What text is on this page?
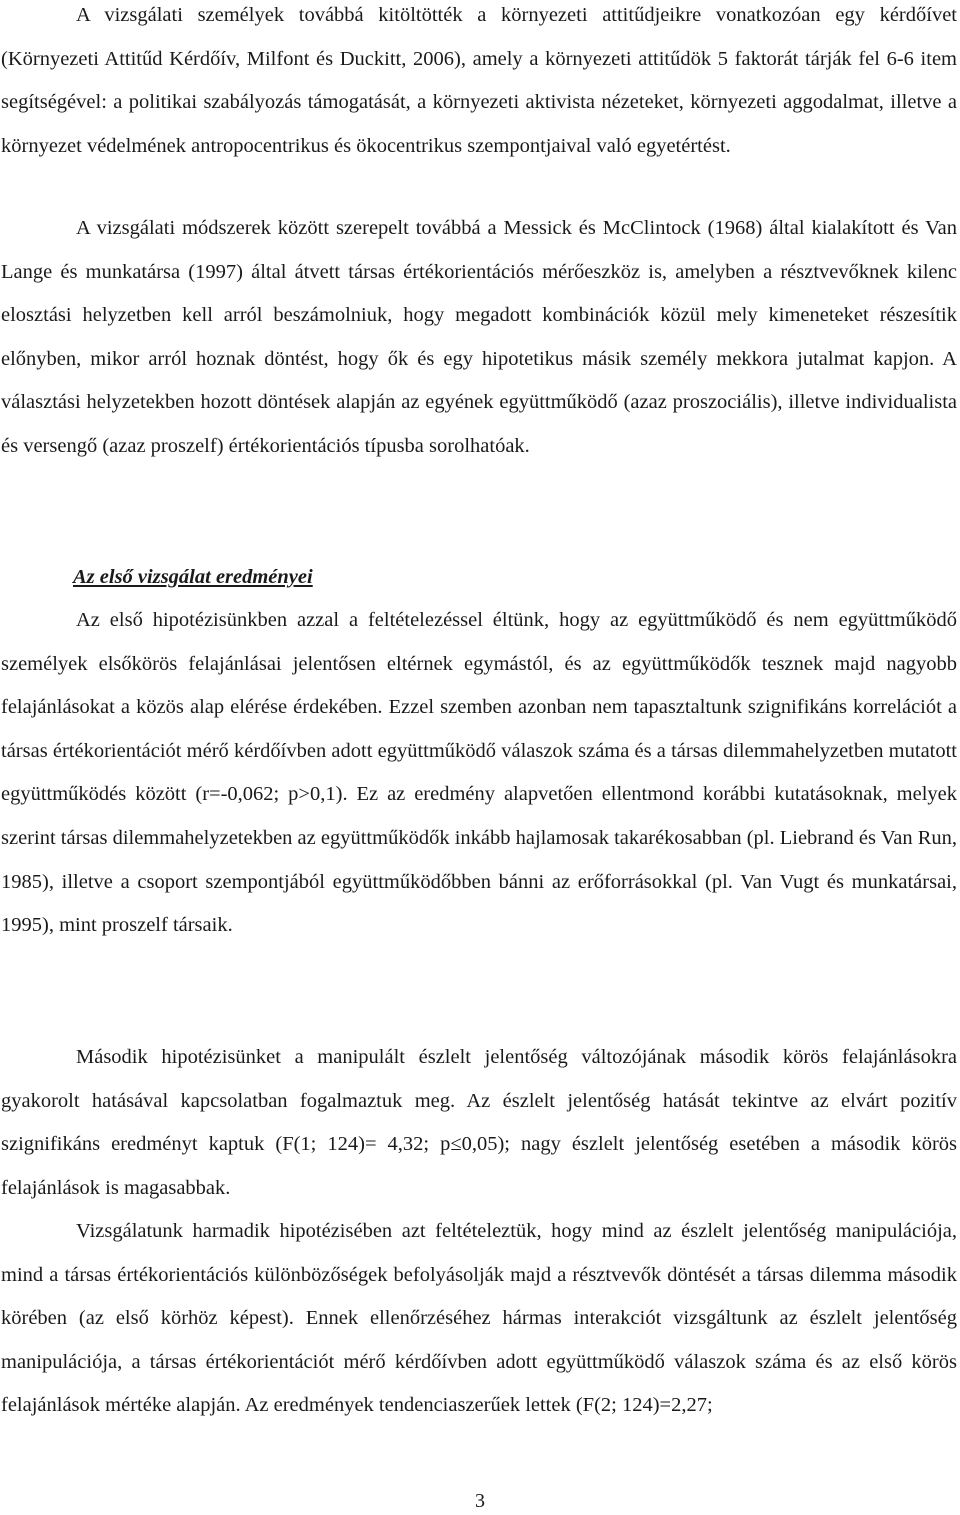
A vizsgálati személyek továbbá kitöltötték a környezeti attitűdjeikre vonatkozóan egy kérdőívet (Környezeti Attitűd Kérdőív, Milfont és Duckitt, 2006), amely a környezeti attitűdök 5 faktorát tárják fel 6-6 item segítségével: a politikai szabályozás támogatását, a környezeti aktivista nézeteket, környezeti aggodalmat, illetve a környezet védelmének antropocentrikus és ökocentrikus szempontjaival való egyetértést.

A vizsgálati módszerek között szerepelt továbbá a Messick és McClintock (1968) által kialakított és Van Lange és munkatársa (1997) által átvett társas értékorientációs mérőeszköz is, amelyben a résztvevőknek kilenc elosztási helyzetben kell arról beszámolniuk, hogy megadott kombinációk közül mely kimeneteket részesítik előnyben, mikor arról hoznak döntést, hogy ők és egy hipotetikus másik személy mekkora jutalmat kapjon. A választási helyzetekben hozott döntések alapján az egyének együttműködő (azaz proszociális), illetve individualista és versengő (azaz proszelf) értékorientációs típusba sorolhatóak.

Az első vizsgálat eredményei

Az első hipotézisünkben azzal a feltételezéssel éltünk, hogy az együttműködő és nem együttműködő személyek elsőkörös felajánlásai jelentősen eltérnek egymástól, és az együttműködők tesznek majd nagyobb felajánlásokat a közös alap elérése érdekében. Ezzel szemben azonban nem tapasztaltunk szignifikáns korrelációt a társas értékorientációt mérő kérdőívben adott együttműködő válaszok száma és a társas dilemmahelyzetben mutatott együttműködés között (r=-0,062; p>0,1). Ez az eredmény alapvetően ellentmond korábbi kutatásoknak, melyek szerint társas dilemmahelyzetekben az együttműködők inkább hajlamosak takarékosabban (pl. Liebrand és Van Run, 1985), illetve a csoport szempontjából együttműködőbben bánni az erőforrásokkal (pl. Van Vugt és munkatársai, 1995), mint proszelf társaik.

Második hipotézisünket a manipulált észlelt jelentőség változójának második körös felajánlásokra gyakorolt hatásával kapcsolatban fogalmaztuk meg. Az észlelt jelentőség hatását tekintve az elvárt pozitív szignifikáns eredményt kaptuk (F(1; 124)= 4,32; p≤0,05); nagy észlelt jelentőség esetében a második körös felajánlások is magasabbak.

Vizsgálatunk harmadik hipotézisében azt feltételeztük, hogy mind az észlelt jelentőség manipulációja, mind a társas értékorientációs különbözőségek befolyásolják majd a résztvevők döntését a társas dilemma második körében (az első körhöz képest). Ennek ellenőrzéséhez hármas interakciót vizsgáltunk az észlelt jelentőség manipulációja, a társas értékorientációt mérő kérdőívben adott együttműködő válaszok száma és az első körös felajánlások mértéke alapján. Az eredmények tendenciaszerűek lettek (F(2; 124)=2,27;

3
